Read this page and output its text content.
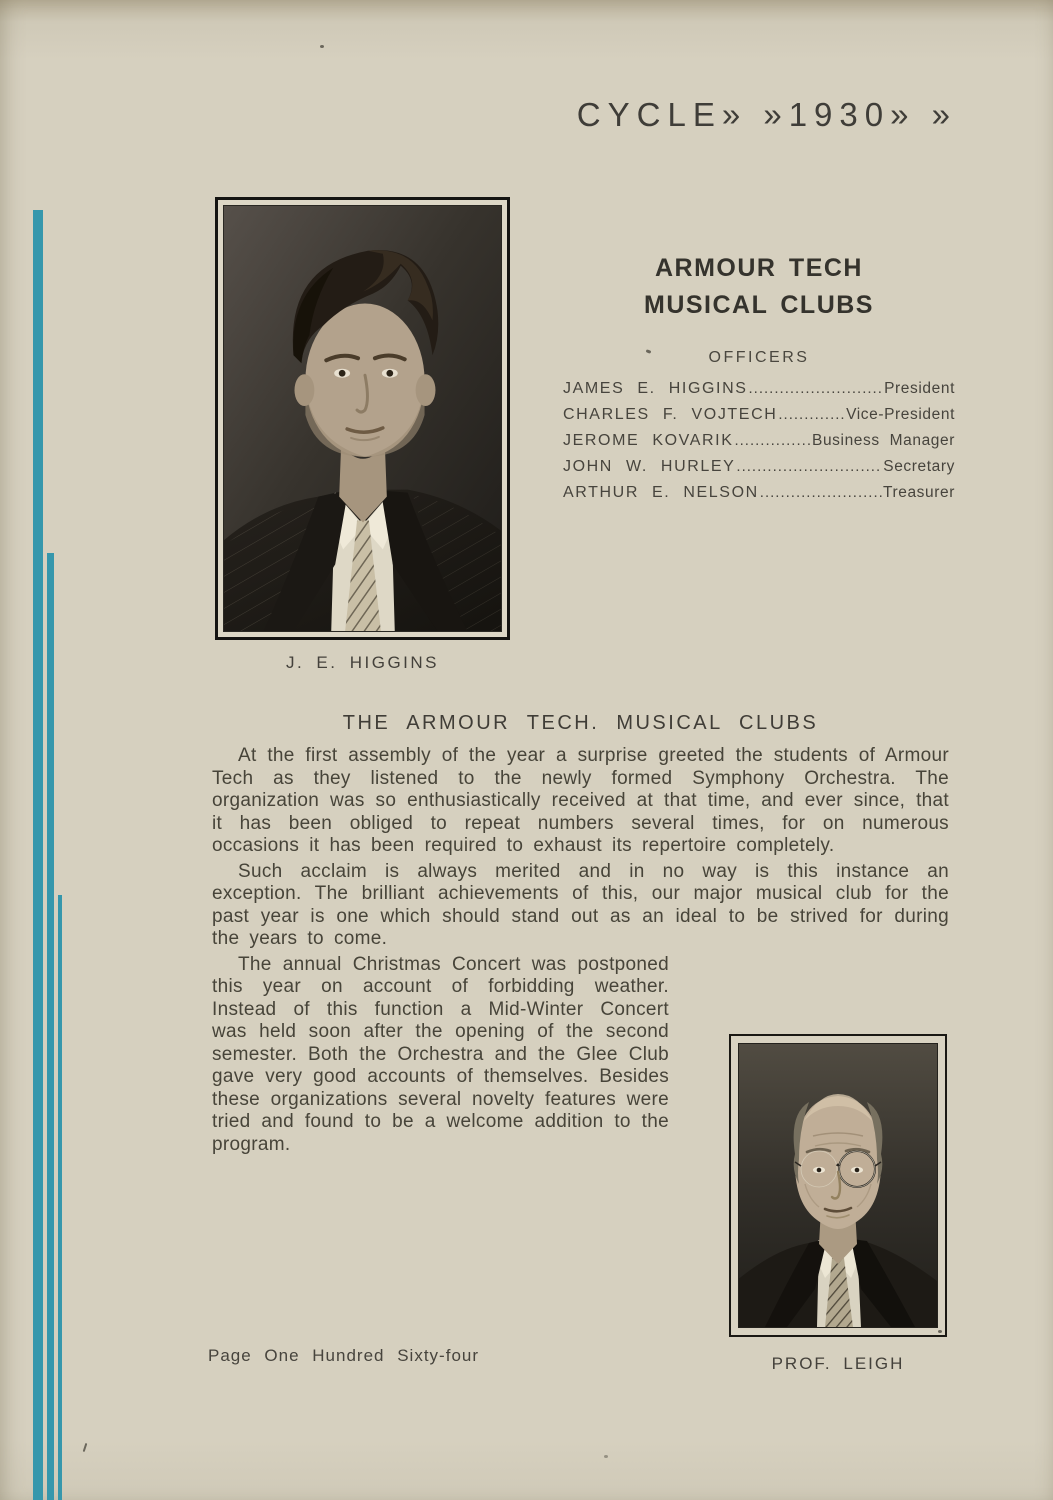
CYCLE» »1930» »
J. E. HIGGINS
ARMOUR TECH
MUSICAL CLUBS
OFFICERS
JAMES E. HIGGINS .....	President
CHARLES F. VOJTECH .....	Vice-President
JEROME KOVARIK .....	Business Manager
JOHN W. HURLEY .....	Secretary
ARTHUR E. NELSON .....	Treasurer
THE ARMOUR TECH. MUSICAL CLUBS

At the first assembly of the year a surprise greeted the students of Armour Tech as they listened to the newly formed Symphony Orchestra. The organization was so enthusiastically received at that time, and ever since, that it has been obliged to repeat numbers several times, for on numerous occasions it has been required to exhaust its repertoire completely.

Such acclaim is always merited and in no way is this instance an exception. The brilliant achievements of this, our major musical club for the past year is one which should stand out as an ideal to be strived for during the years to come.

PROF. LEIGH

The annual Christmas Concert was postponed this year on account of forbidding weather. Instead of this function a Mid-Winter Concert was held soon after the opening of the second semester. Both the Orchestra and the Glee Club gave very good accounts of themselves. Besides these organizations several novelty features were tried and found to be a welcome addition to the program.

Page One Hundred Sixty-four
